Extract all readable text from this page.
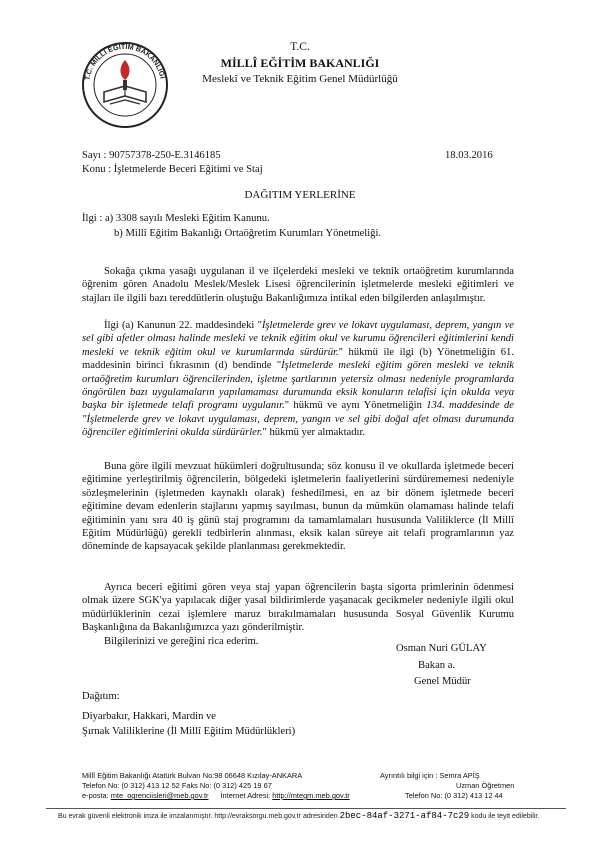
T.C. MİLLÎ EĞİTİM BAKANLIĞI
T.C.
MİLLÎ EĞİTİM BAKANLIĞI
Meslekî ve Teknik Eğitim Genel Müdürlüğü
Sayı : 90757378-250-E.3146185	18.03.2016
Konu : İşletmelerde Beceri Eğitimi ve Staj
DAĞITIM YERLERİNE
İlgi : a) 3308 sayılı Mesleki Eğitim Kanunu.
b) Millî Eğitim Bakanlığı Ortaöğretim Kurumları Yönetmeliği.
Sokağa çıkma yasağı uygulanan il ve ilçelerdeki mesleki ve teknik ortaöğretim kurumlarında öğrenim gören Anadolu Meslek/Meslek Lisesi öğrencilerinin işletmelerde mesleki eğitimleri ve stajları ile ilgili bazı tereddütlerin oluştuğu Bakanlığımıza intikal eden bilgilerden anlaşılmıştır.
İlgi (a) Kanunun 22. maddesindeki "İşletmelerde grev ve lokavt uygulaması, deprem, yangın ve sel gibi afetler olması halinde mesleki ve teknik eğitim okul ve kurumu öğrencileri eğitimlerini kendi mesleki ve teknik eğitim okul ve kurumlarında sürdürür." hükmü ile ilgi (b) Yönetmeliğin 61. maddesinin birinci fıkrasının (d) bendinde "İşletmelerde mesleki eğitim gören mesleki ve teknik ortaöğretim kurumları öğrencilerinden, işletme şartlarının yetersiz olması nedeniyle programlarda öngörülen bazı uygulamaların yapılamaması durumunda eksik konuların telafisi için okulda veya başka bir işletmede telafi programı uygulanır." hükmü ve aynı Yönetmeliğin 134. maddesinde de "İşletmelerde grev ve lokavt uygulaması, deprem, yangın ve sel gibi doğal afet olması durumunda öğrenciler eğitimlerini okulda sürdürürler." hükmü yer almaktadır.
Buna göre ilgili mevzuat hükümleri doğrultusunda; söz konusu il ve okullarda işletmede beceri eğitimine yerleştirilmiş öğrencilerin, bölgedeki işletmelerin faaliyetlerini sürdürememesi nedeniyle sözleşmelerinin (işletmeden kaynaklı olarak) feshedilmesi, en az bir dönem işletmede beceri eğitimine devam edenlerin stajlarını yapmış sayılması, bunun da mümkün olamaması halinde telafi eğitiminin yanı sıra 40 iş günü staj programını da tamamlamaları hususunda Valiliklerce (İl Millî Eğitim Müdürlüğü) gerekli tedbirlerin alınması, eksik kalan süreye ait telafi programlarının yaz döneminde de kapsayacak şekilde planlanması gerekmektedir.
Ayrıca beceri eğitimi gören veya staj yapan öğrencilerin başta sigorta primlerinin ödenmesi olmak üzere SGK'ya yapılacak diğer yasal bildirimlerde yaşanacak gecikmeler nedeniyle ilgili okul müdürlüklerinin cezai işlemlere maruz bırakılmamaları hususunda Sosyal Güvenlik Kurumu Başkanlığına da Bakanlığımızca yazı gönderilmiştir.
Bilgilerinizi ve gereğini rica ederim.
Osman Nuri GÜLAY
Bakan a.
Genel Müdür
Dağıtım:
Diyarbakır, Hakkari, Mardin ve
Şırnak Valiliklerine (İl Millî Eğitim Müdürlükleri)
Millî Eğitim Bakanlığı Atatürk Bulvarı No:98 06648 Kızılay-ANKARA
Telefon No: (0 312) 413 12 52 Faks No: (0 312) 425 19 67
e-posta: mte_ogrenciisleri@meb.gov.tr İnternet Adresi: http://mtegm.meb.gov.tr
Ayrıntılı bilgi için : Semra APİŞ
Uzman Öğretmen
Telefon No: (0 312) 413 12 44
Bu evrak güvenli elektronik imza ile imzalanmıştır. http://evraksorgu.meb.gov.tr adresinden 2bec-84af-3271-af84-7c29 kodu ile teyit edilebilir.
